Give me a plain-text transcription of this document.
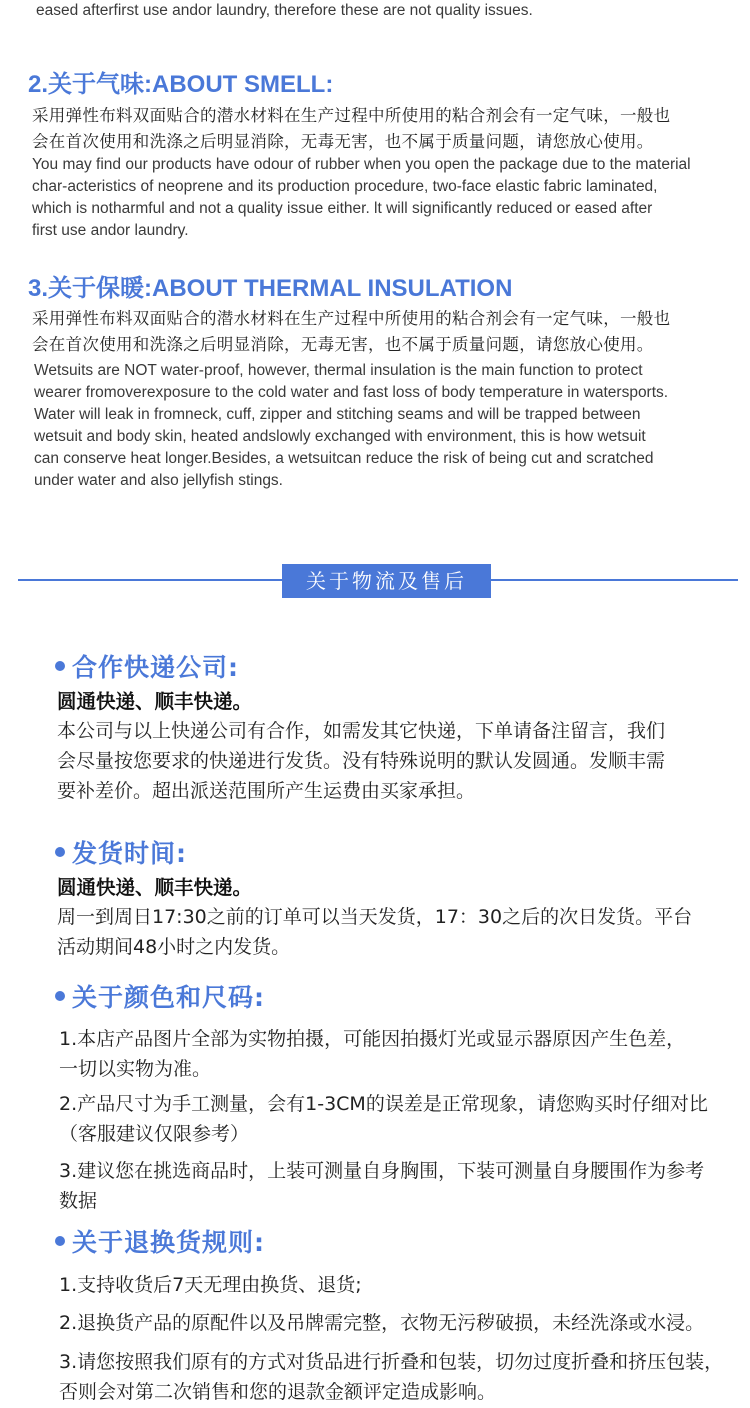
eased afterfirst use andor laundry, therefore these are not quality issues.
2.关于气味:ABOUT SMELL:
采用弹性布料双面贴合的潜水材料在生产过程中所使用的粘合剂会有一定气味，一般也
会在首次使用和洗涤之后明显消除，无毒无害，也不属于质量问题，请您放心使用。
You may find our products have odour of rubber when you open the package due to the material
char-acteristics of neoprene and its production procedure, two-face elastic fabric laminated,
which is notharmful and not a quality issue either. lt will significantly reduced or eased after
first use andor laundry.
3.关于保暖:ABOUT THERMAL INSULATION
采用弹性布料双面贴合的潜水材料在生产过程中所使用的粘合剂会有一定气味，一般也
会在首次使用和洗涤之后明显消除，无毒无害，也不属于质量问题，请您放心使用。
Wetsuits are NOT water-proof, however, thermal insulation is the main function to protect
wearer fromoverexposure to the cold water and fast loss of body temperature in watersports.
Water will leak in fromneck, cuff, zipper and stitching seams and will be trapped between
wetsuit and body skin, heated andslowly exchanged with environment, this is how wetsuit
can conserve heat longer.Besides, a wetsuitcan reduce the risk of being cut and scratched
under water and also jellyfish stings.
关于物流及售后
合作快递公司:
圆通快递、顺丰快递。
本公司与以上快递公司有合作，如需发其它快递，下单请备注留言，我们
会尽量按您要求的快递进行发货。没有特殊说明的默认发圆通。发顺丰需
要补差价。超出派送范围所产生运费由买家承担。
发货时间:
圆通快递、顺丰快递。
周一到周日17:30之前的订单可以当天发货，17：30之后的次日发货。平台
活动期间48小时之内发货。
关于颜色和尺码:
1.本店产品图片全部为实物拍摄，可能因拍摄灯光或显示器原因产生色差，
一切以实物为准。
2.产品尺寸为手工测量，会有1-3CM的误差是正常现象，请您购买时仔细对比
（客服建议仅限参考）
3.建议您在挑选商品时，上装可测量自身胸围，下装可测量自身腰围作为参考
数据
关于退换货规则:
1.支持收货后7天无理由换货、退货;
2.退换货产品的原配件以及吊牌需完整，衣物无污秽破损，未经洗涤或水浸。
3.请您按照我们原有的方式对货品进行折叠和包装，切勿过度折叠和挤压包装，
否则会对第二次销售和您的退款金额评定造成影响。
